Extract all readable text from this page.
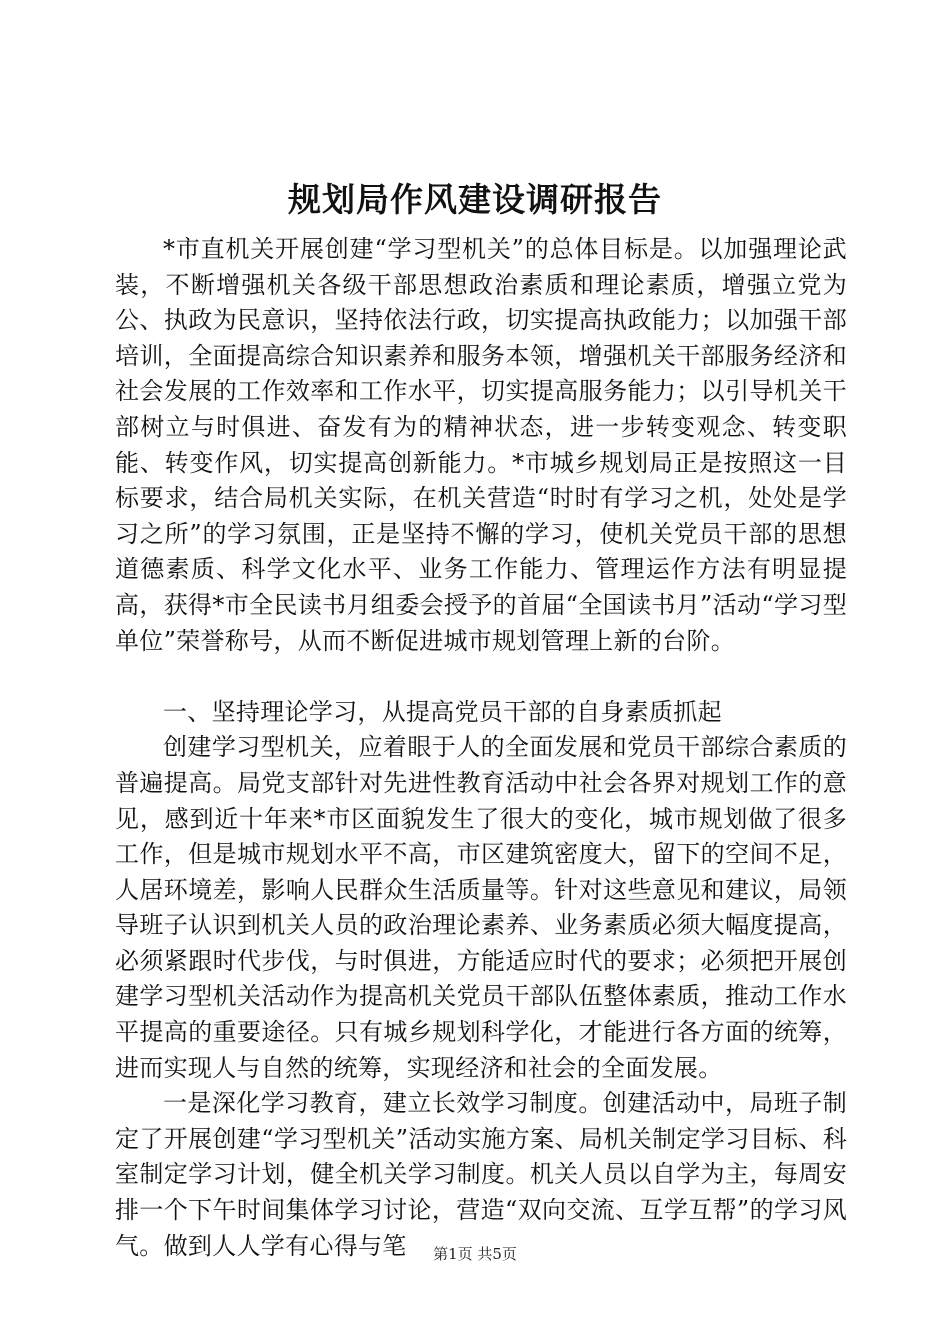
规划局作风建设调研报告

*市直机关开展创建“学习型机关”的总体目标是。以加强理论武装，不断增强机关各级干部思想政治素质和理论素质，增强立党为公、执政为民意识，坚持依法行政，切实提高执政能力；以加强干部培训，全面提高综合知识素养和服务本领，增强机关干部服务经济和社会发展的工作效率和工作水平，切实提高服务能力；以引导机关干部树立与时俱进、奋发有为的精神状态，进一步转变观念、转变职能、转变作风，切实提高创新能力。*市城乡规划局正是按照这一目标要求，结合局机关实际，在机关营造“时时有学习之机，处处是学习之所”的学习氛围，正是坚持不懈的学习，使机关党员干部的思想道德素质、科学文化水平、业务工作能力、管理运作方法有明显提高，获得*市全民读书月组委会授予的首届“全国读书月”活动“学习型单位”荣誉称号，从而不断促进城市规划管理上新的台阶。

一、坚持理论学习，从提高党员干部的自身素质抓起

创建学习型机关，应着眼于人的全面发展和党员干部综合素质的普遍提高。局党支部针对先进性教育活动中社会各界对规划工作的意见，感到近十年来*市区面貌发生了很大的变化，城市规划做了很多工作，但是城市规划水平不高，市区建筑密度大，留下的空间不足，人居环境差，影响人民群众生活质量等。针对这些意见和建议，局领导班子认识到机关人员的政治理论素养、业务素质必须大幅度提高，必须紧跟时代步伐，与时俱进，方能适应时代的要求；必须把开展创建学习型机关活动作为提高机关党员干部队伍整体素质，推动工作水平提高的重要途径。只有城乡规划科学化，才能进行各方面的统筹，进而实现人与自然的统筹，实现经济和社会的全面发展。

一是深化学习教育，建立长效学习制度。创建活动中，局班子制定了开展创建“学习型机关”活动实施方案、局机关制定学习目标、科室制定学习计划，健全机关学习制度。机关人员以自学为主，每周安排一个下午时间集体学习讨论，营造“双向交流、互学互帮”的学习风气。做到人人学有心得与笔	第1页 共5页
